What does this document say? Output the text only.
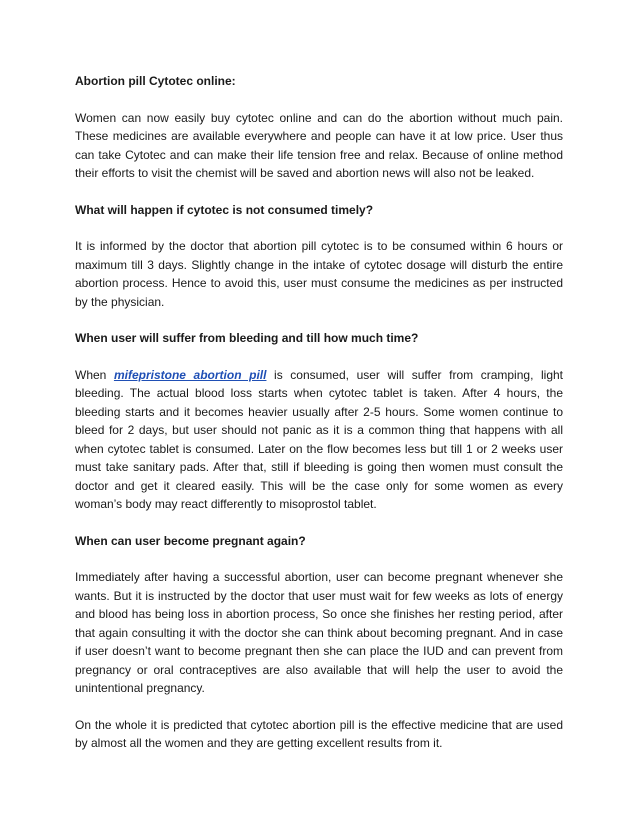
Abortion pill Cytotec online:
Women can now easily buy cytotec online and can do the abortion without much pain. These medicines are available everywhere and people can have it at low price. User thus can take Cytotec and can make their life tension free and relax. Because of online method their efforts to visit the chemist will be saved and abortion news will also not be leaked.
What will happen if cytotec is not consumed timely?
It is informed by the doctor that abortion pill cytotec is to be consumed within 6 hours or maximum till 3 days. Slightly change in the intake of cytotec dosage will disturb the entire abortion process. Hence to avoid this, user must consume the medicines as per instructed by the physician.
When user will suffer from bleeding and till how much time?
When mifepristone abortion pill is consumed, user will suffer from cramping, light bleeding. The actual blood loss starts when cytotec tablet is taken. After 4 hours, the bleeding starts and it becomes heavier usually after 2-5 hours. Some women continue to bleed for 2 days, but user should not panic as it is a common thing that happens with all when cytotec tablet is consumed. Later on the flow becomes less but till 1 or 2 weeks user must take sanitary pads. After that, still if bleeding is going then women must consult the doctor and get it cleared easily. This will be the case only for some women as every woman’s body may react differently to misoprostol tablet.
When can user become pregnant again?
Immediately after having a successful abortion, user can become pregnant whenever she wants. But it is instructed by the doctor that user must wait for few weeks as lots of energy and blood has being loss in abortion process, So once she finishes her resting period, after that again consulting it with the doctor she can think about becoming pregnant. And in case if user doesn’t want to become pregnant then she can place the IUD and can prevent from pregnancy or oral contraceptives are also available that will help the user to avoid the unintentional pregnancy.
On the whole it is predicted that cytotec abortion pill is the effective medicine that are used by almost all the women and they are getting excellent results from it.
